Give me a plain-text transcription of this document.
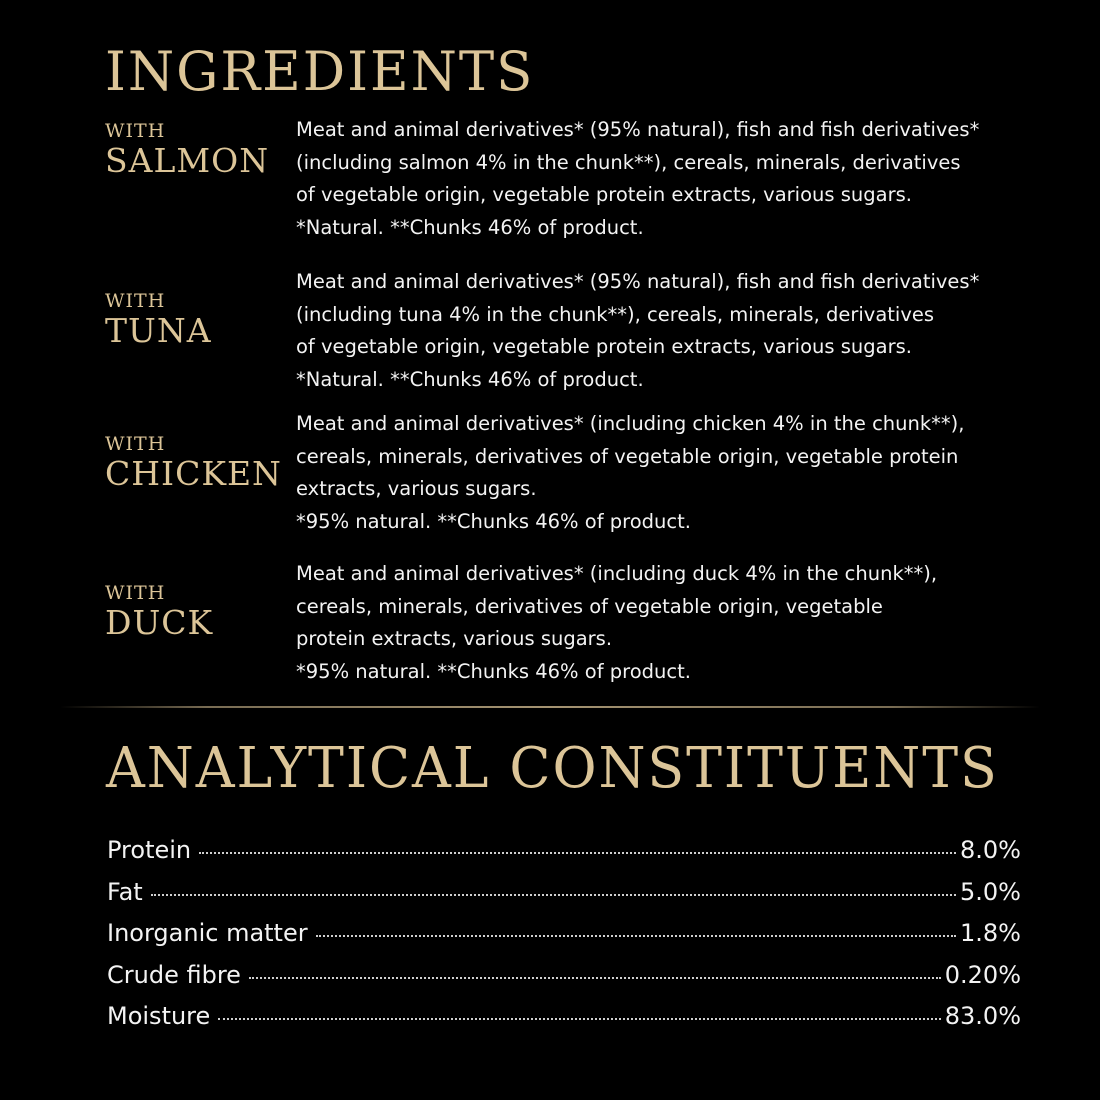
INGREDIENTS
WITH
SALMON

Meat and animal derivatives* (95% natural), fish and fish derivatives*
(including salmon 4% in the chunk**), cereals, minerals, derivatives
of vegetable origin, vegetable protein extracts, various sugars.
*Natural. **Chunks 46% of product.

WITH
TUNA

Meat and animal derivatives* (95% natural), fish and fish derivatives*
(including tuna 4% in the chunk**), cereals, minerals, derivatives
of vegetable origin, vegetable protein extracts, various sugars.
*Natural. **Chunks 46% of product.

WITH
CHICKEN

Meat and animal derivatives* (including chicken 4% in the chunk**),
cereals, minerals, derivatives of vegetable origin, vegetable protein
extracts, various sugars.
*95% natural. **Chunks 46% of product.

WITH
DUCK

Meat and animal derivatives* (including duck 4% in the chunk**),
cereals, minerals, derivatives of vegetable origin, vegetable
protein extracts, various sugars.
*95% natural. **Chunks 46% of product.

ANALYTICAL CONSTITUENTS
Protein	8.0%
Fat	5.0%
Inorganic matter	1.8%
Crude fibre	0.20%
Moisture	83.0%
